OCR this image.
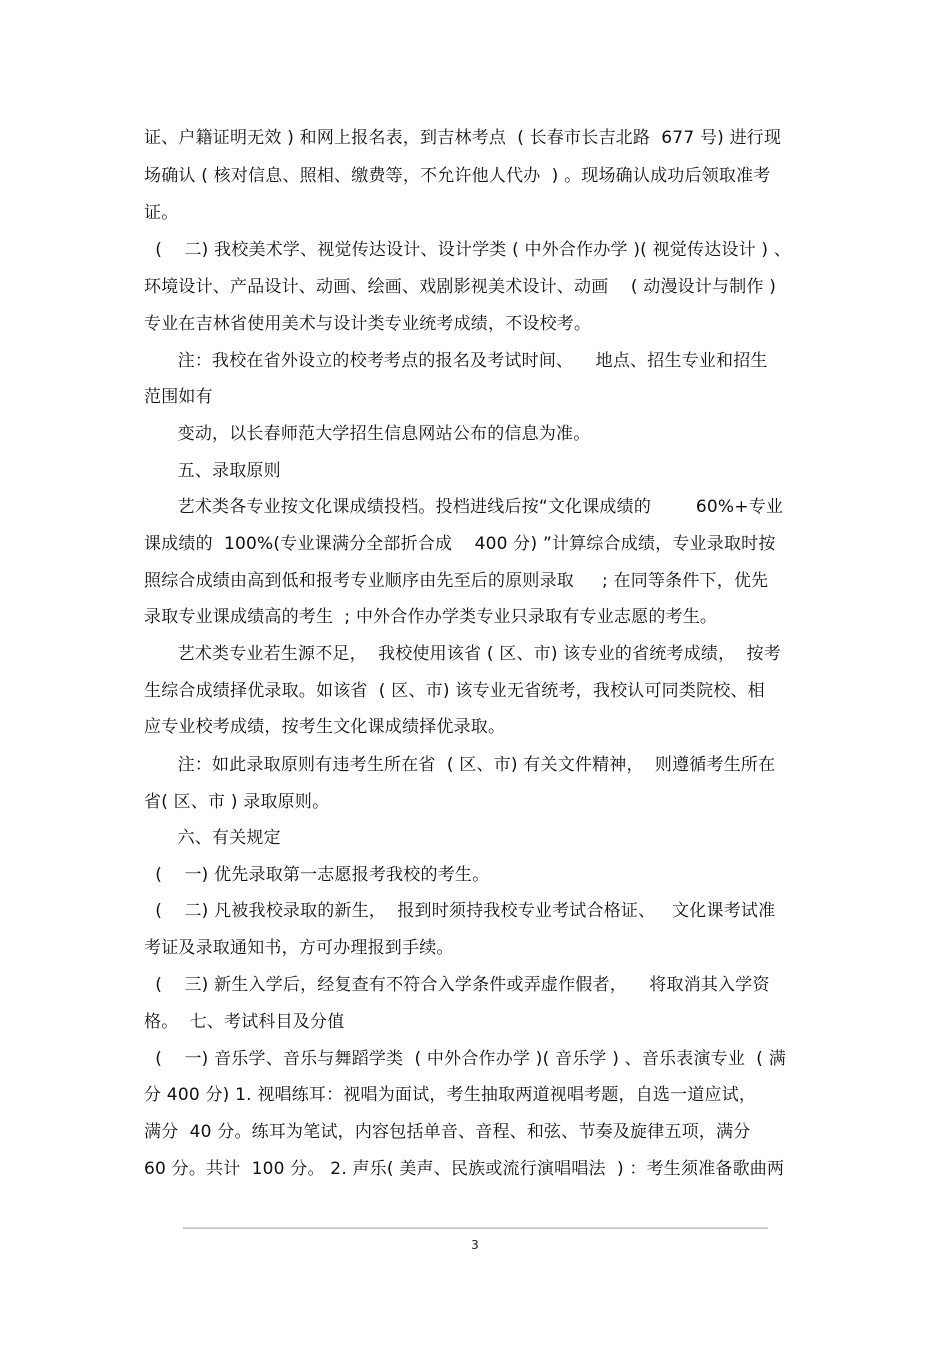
证、户籍证明无效 ) 和网上报名表，到吉林考点  ( 长春市长吉北路  677 号) 进行现
场确认 ( 核对信息、照相、缴费等，不允许他人代办  ) 。现场确认成功后领取准考
证。
(    二) 我校美术学、视觉传达设计、设计学类 ( 中外合作办学 )( 视觉传达设计 ) 、
环境设计、产品设计、动画、绘画、戏剧影视美术设计、动画    ( 动漫设计与制作 )
专业在吉林省使用美术与设计类专业统考成绩，不设校考。
注：我校在省外设立的校考考点的报名及考试时间、    地点、招生专业和招生
范围如有
变动，以长春师范大学招生信息网站公布的信息为准。
五、录取原则
艺术类各专业按文化课成绩投档。投档进线后按“文化课成绩的        60%+专业
课成绩的  100%(专业课满分全部折合成    400 分) ”计算综合成绩，专业录取时按
照综合成绩由高到低和报考专业顺序由先至后的原则录取     ; 在同等条件下，优先
录取专业课成绩高的考生  ; 中外合作办学类专业只录取有专业志愿的考生。
艺术类专业若生源不足，  我校使用该省 ( 区、市) 该专业的省统考成绩，  按考
生综合成绩择优录取。如该省  ( 区、市) 该专业无省统考，我校认可同类院校、相
应专业校考成绩，按考生文化课成绩择优录取。
注：如此录取原则有违考生所在省  ( 区、市) 有关文件精神，  则遵循考生所在
省( 区、市 ) 录取原则。
六、有关规定
(    一) 优先录取第一志愿报考我校的考生。
(    二) 凡被我校录取的新生，  报到时须持我校专业考试合格证、   文化课考试准
考证及录取通知书，方可办理报到手续。
(    三) 新生入学后，经复查有不符合入学条件或弄虚作假者，    将取消其入学资
格。  七、考试科目及分值
(    一) 音乐学、音乐与舞蹈学类  ( 中外合作办学 )( 音乐学 ) 、音乐表演专业  ( 满
分 400 分) 1. 视唱练耳：视唱为面试，考生抽取两道视唱考题，自选一道应试，
满分  40 分。练耳为笔试，内容包括单音、音程、和弦、节奏及旋律五项，满分
60 分。共计  100 分。 2. 声乐( 美声、民族或流行演唱唱法  ) ：考生须准备歌曲两
3
